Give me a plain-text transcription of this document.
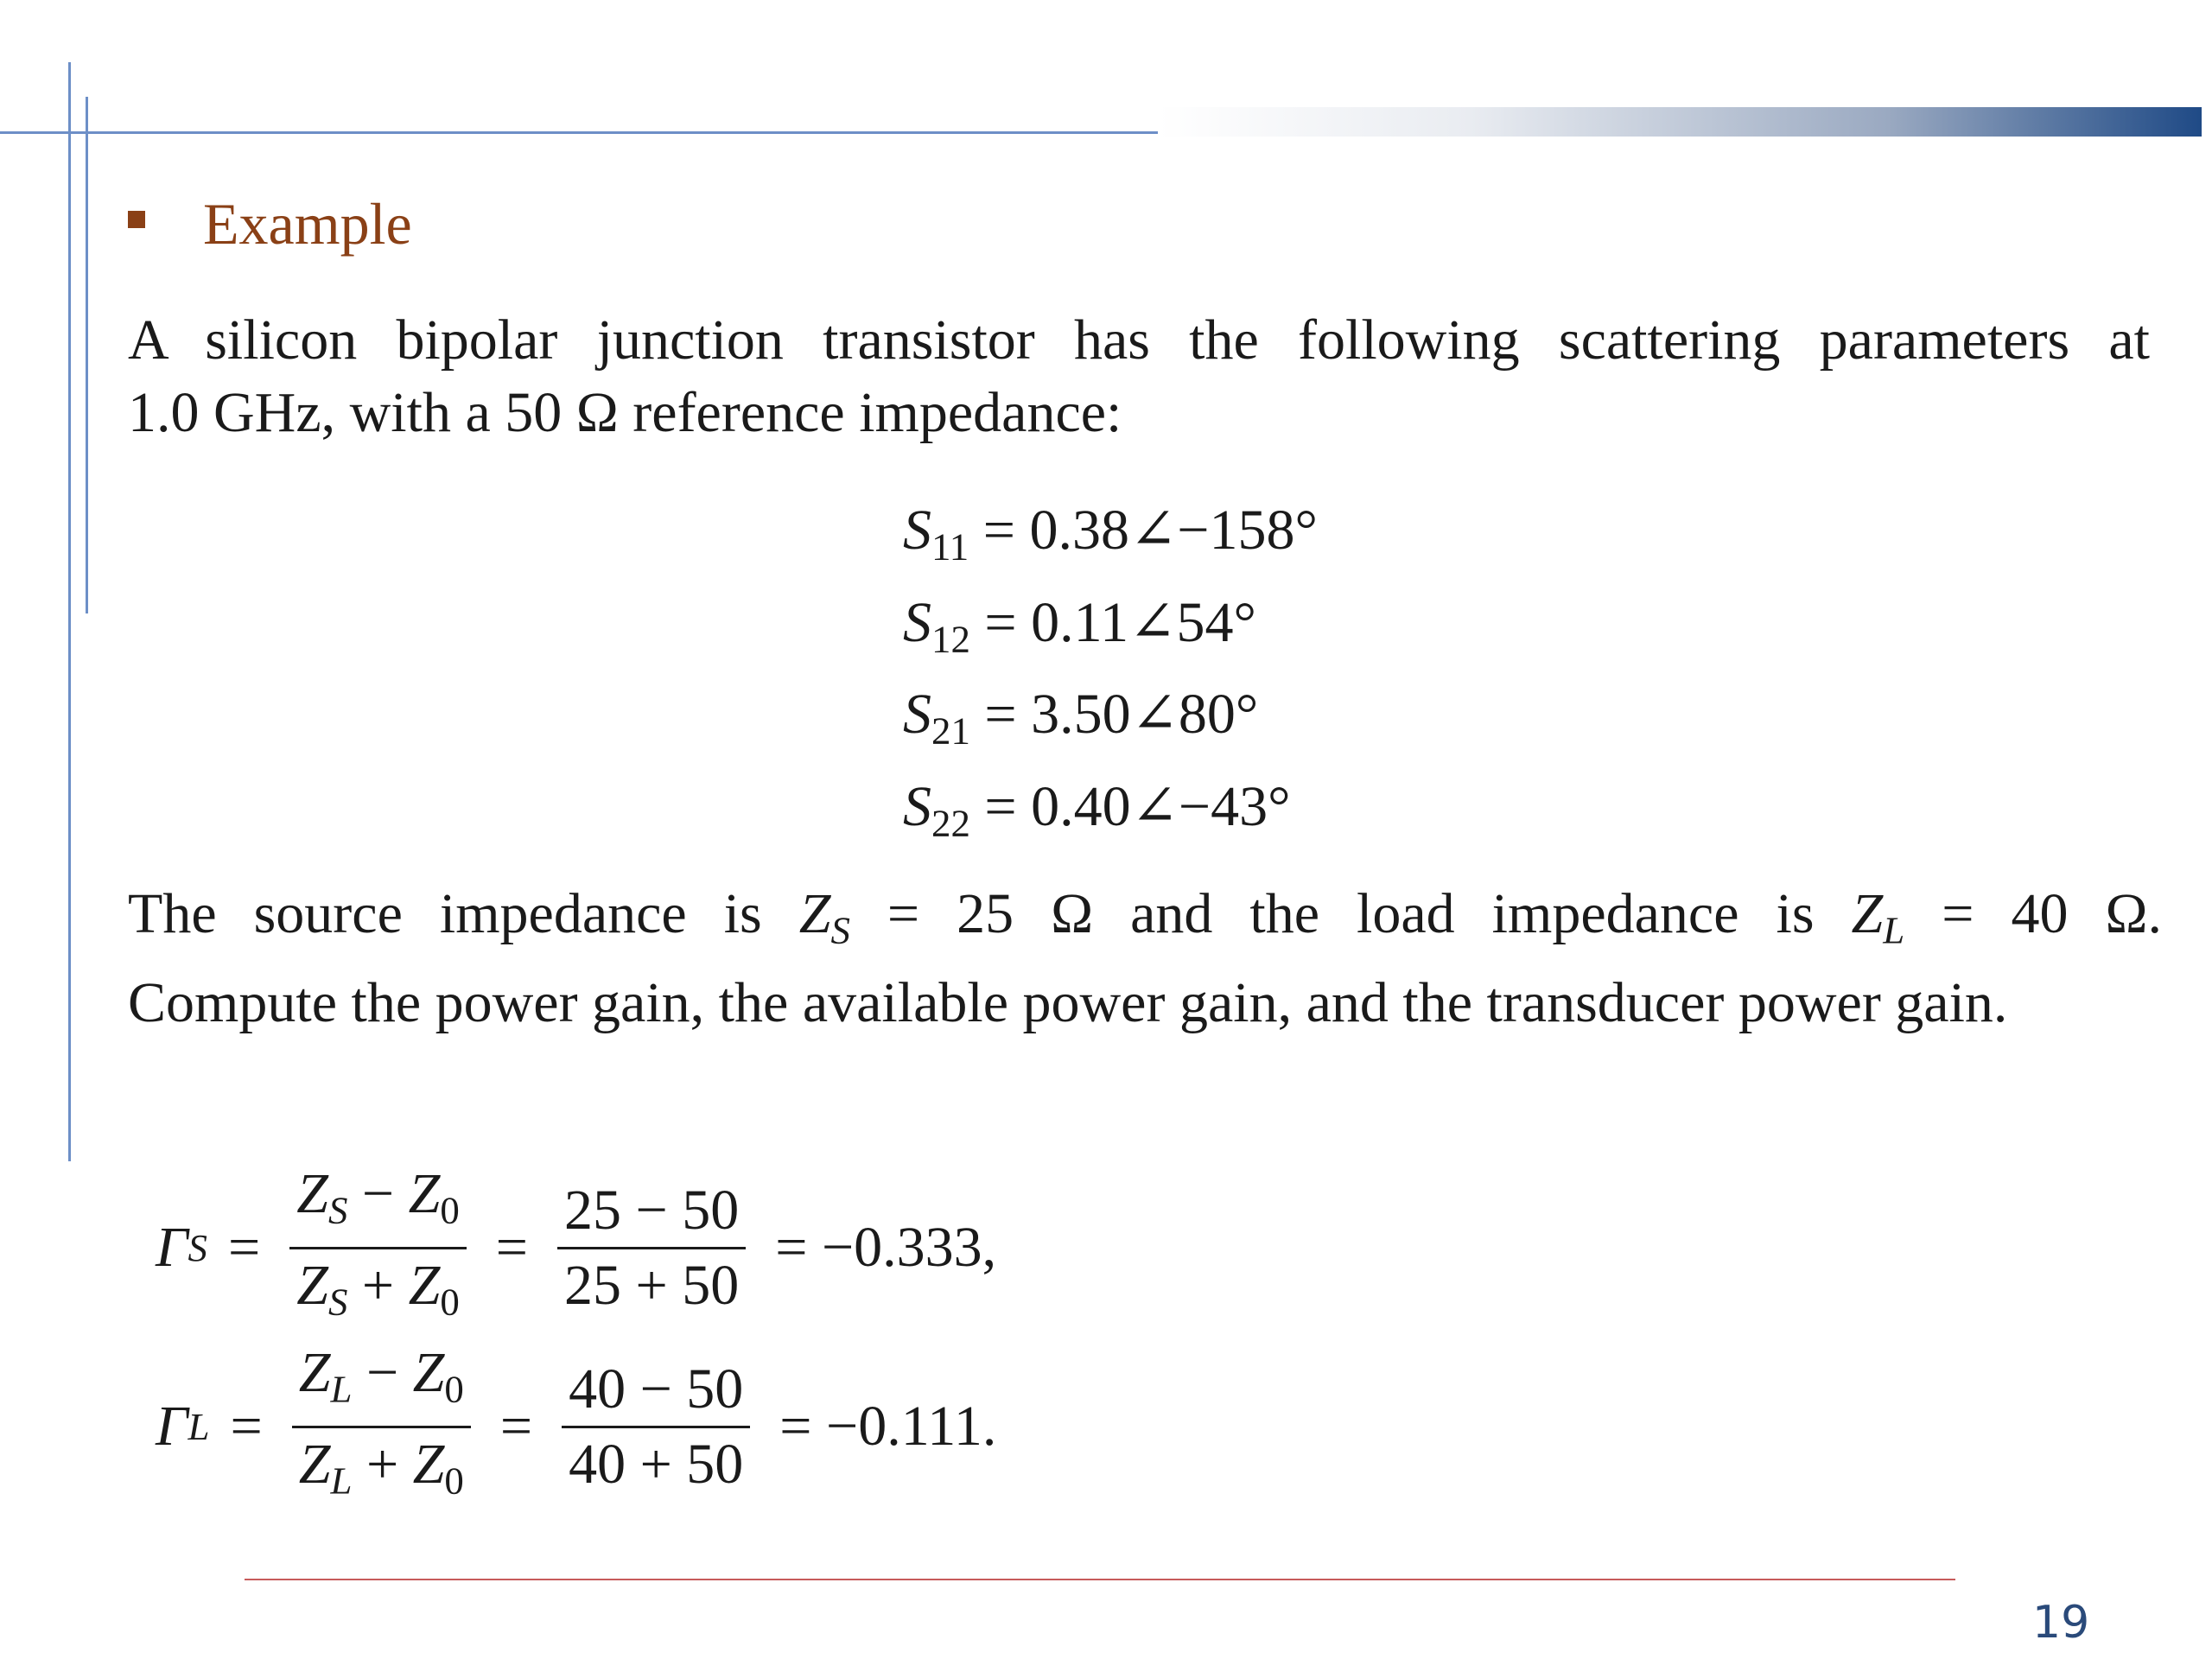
Example
A silicon bipolar junction transistor has the following scattering parameters at
1.0 GHz, with a 50 Ω reference impedance:
$S_{11}$ = 0.38∠−158°
$S_{12}$ = 0.11∠54°
$S_{21}$ = 3.50∠80°
$S_{22}$ = 0.40∠−43°
The source impedance is $Z_S = 25$ Ω and the load impedance is $Z_L = 40$ Ω.
Compute the power gain, the available power gain, and the transducer power gain.
Γ $S = \frac{Z_S - Z_0}{Z_S + Z_0} = \frac{25 - 50}{25 + 50} = -0.333$,
Γ $L = \frac{Z_L - Z_0}{Z_L + Z_0} = \frac{40 - 50}{40 + 50} = -0.111$.
19
